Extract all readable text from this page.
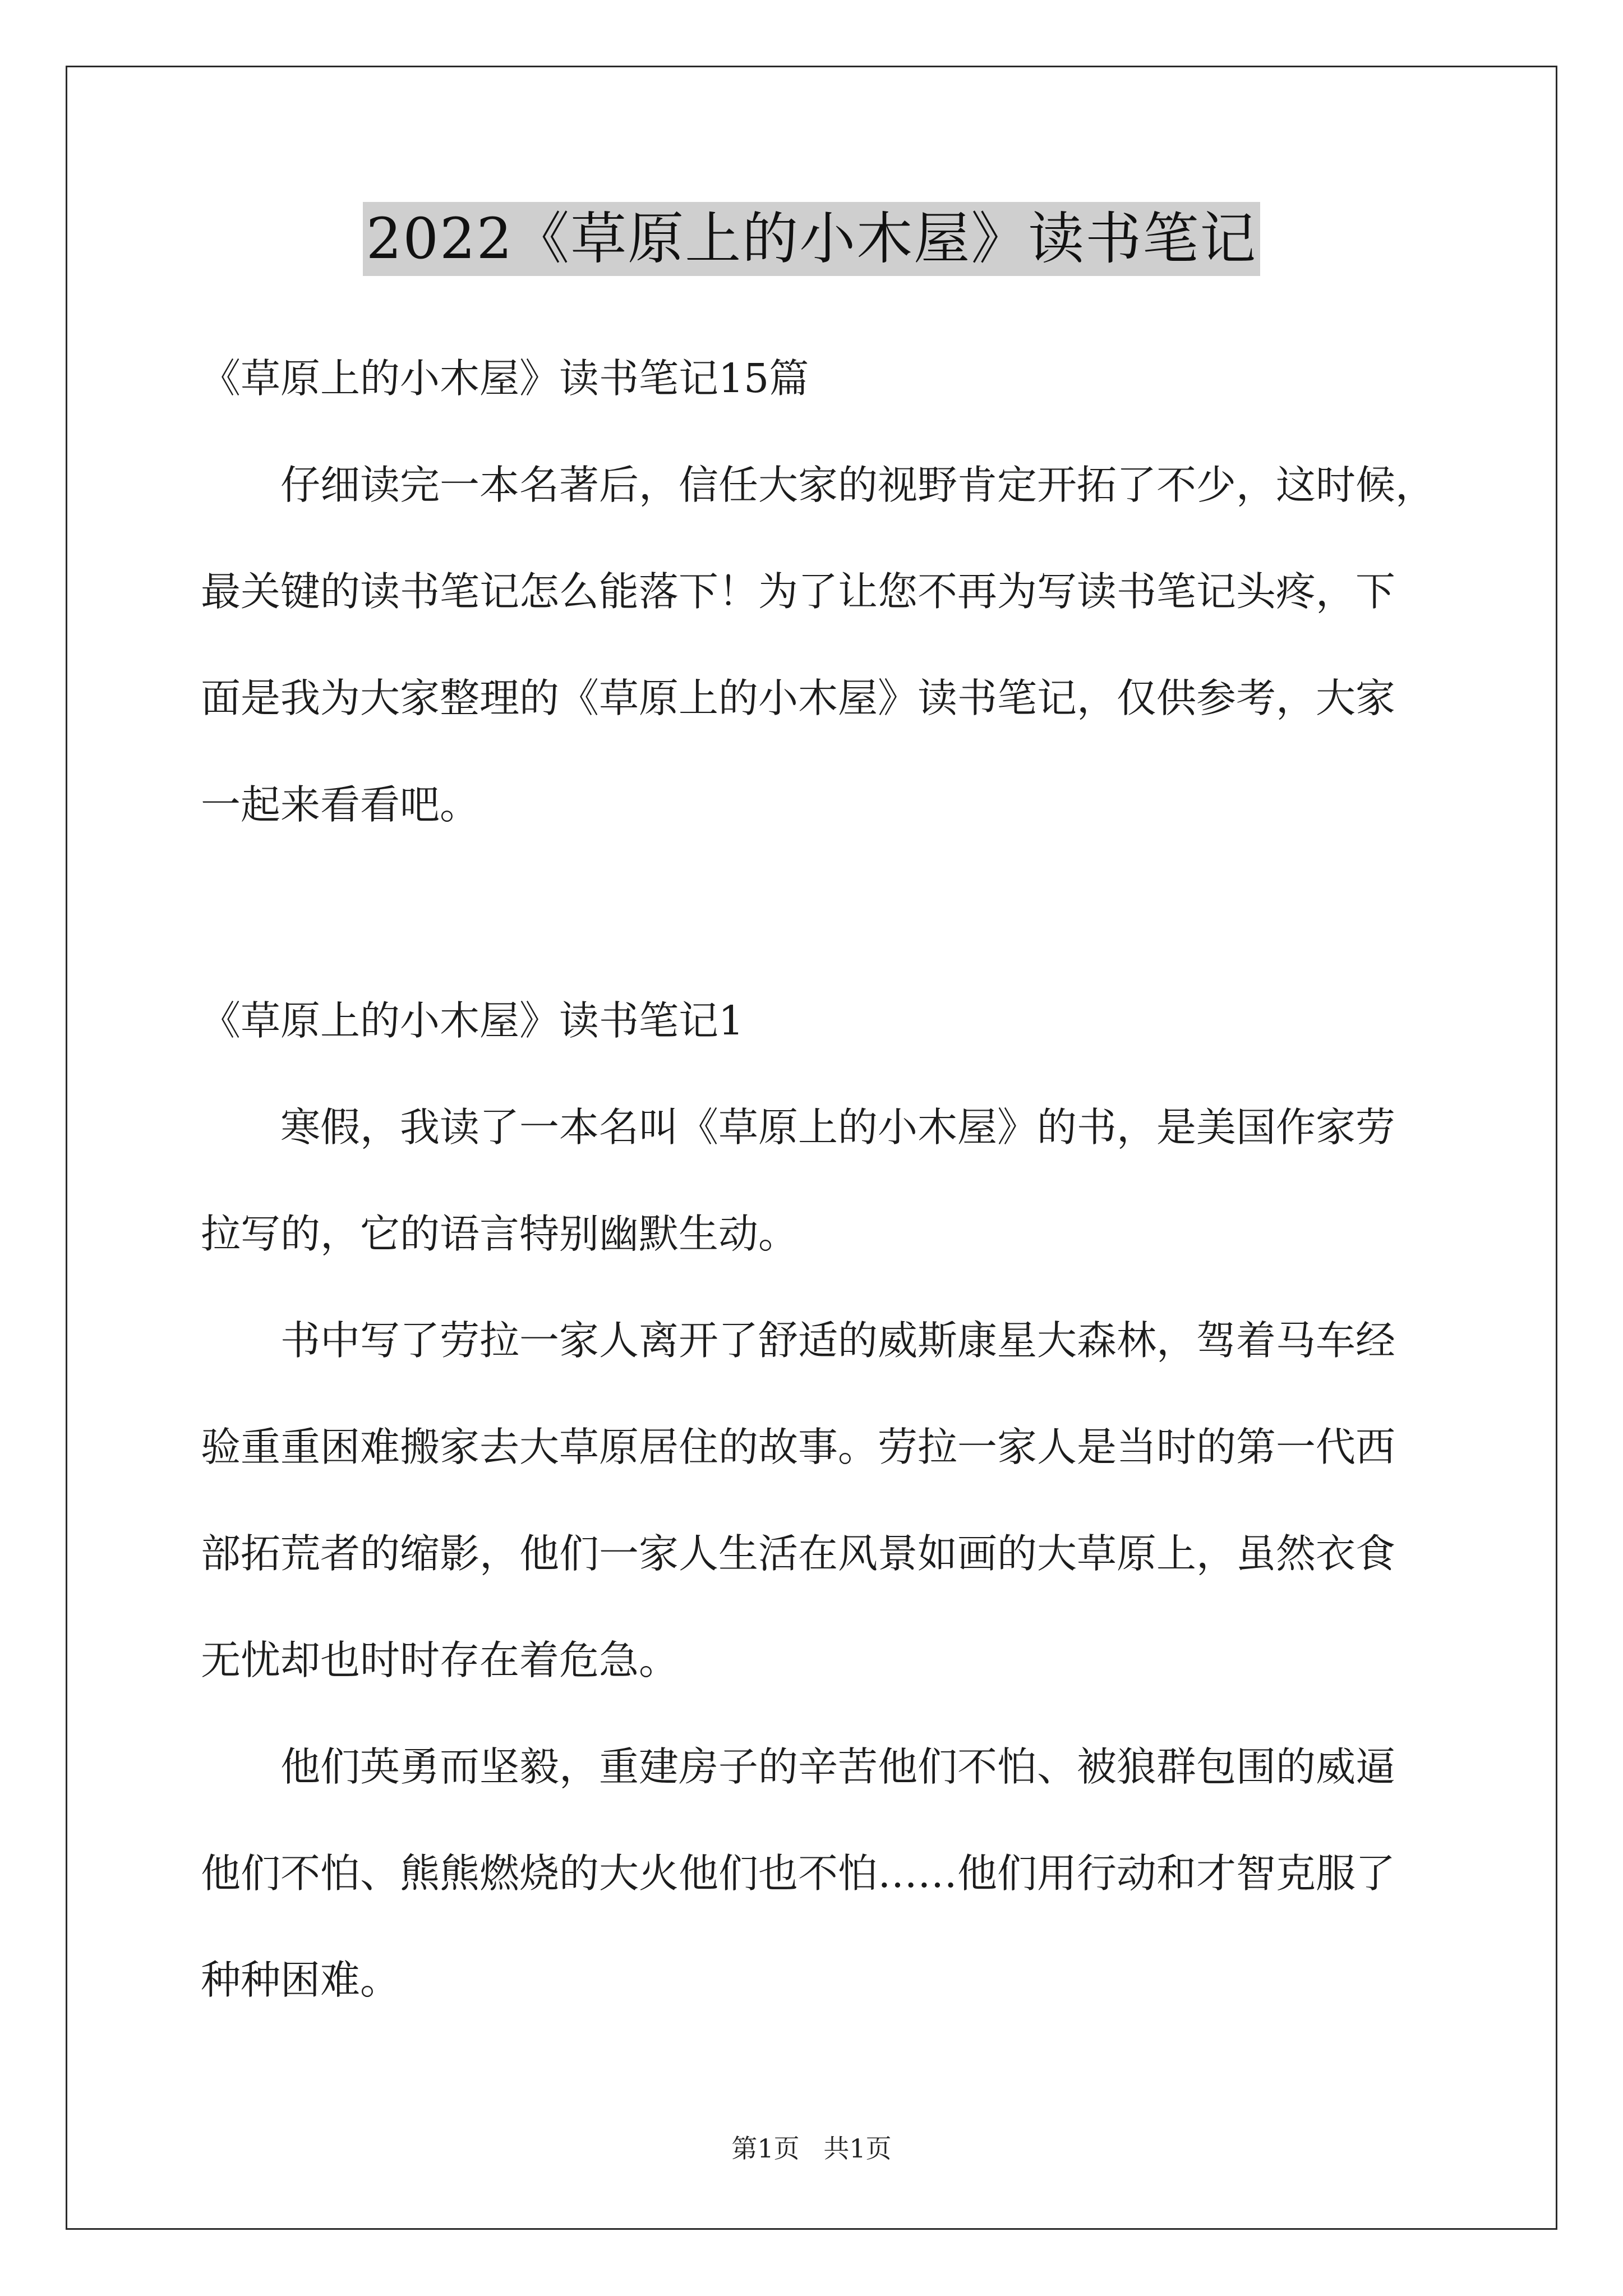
2022《草原上的小木屋》读书笔记
《草原上的小木屋》读书笔记15篇
仔细读完一本名著后，信任大家的视野肯定开拓了不少，这时候，
最关键的读书笔记怎么能落下！为了让您不再为写读书笔记头疼，下
面是我为大家整理的《草原上的小木屋》读书笔记，仅供参考，大家
一起来看看吧。
《草原上的小木屋》读书笔记1
寒假，我读了一本名叫《草原上的小木屋》的书，是美国作家劳
拉写的，它的语言特别幽默生动。
书中写了劳拉一家人离开了舒适的威斯康星大森林，驾着马车经
验重重困难搬家去大草原居住的故事。劳拉一家人是当时的第一代西
部拓荒者的缩影，他们一家人生活在风景如画的大草原上，虽然衣食
无忧却也时时存在着危急。
他们英勇而坚毅，重建房子的辛苦他们不怕、被狼群包围的威逼
他们不怕、熊熊燃烧的大火他们也不怕……他们用行动和才智克服了
种种困难。
第1页 共1页
